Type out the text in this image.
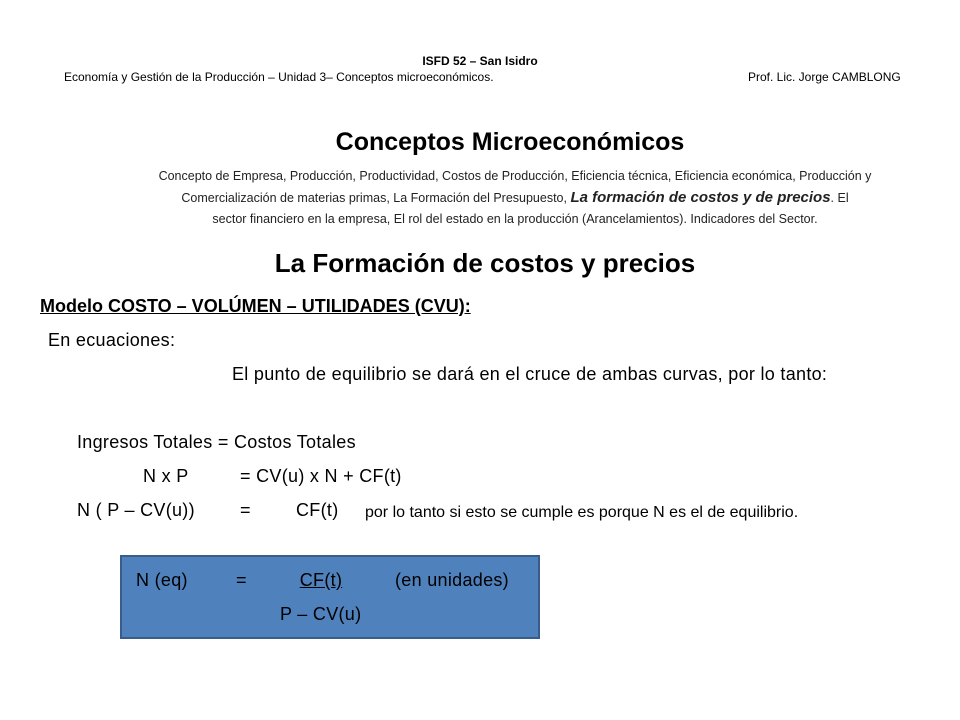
ISFD 52 – San Isidro
Economía y Gestión de la Producción – Unidad 3– Conceptos microeconómicos.	Prof. Lic. Jorge CAMBLONG
Conceptos Microeconómicos
Concepto de Empresa, Producción, Productividad, Costos de Producción, Eficiencia técnica, Eficiencia económica, Producción y
Comercialización de materias primas, La Formación del Presupuesto, La formación de costos y de precios. El
sector financiero en la empresa, El rol del estado en la producción (Arancelamientos). Indicadores del Sector.
La Formación de costos y precios
Modelo COSTO – VOLÚMEN – UTILIDADES (CVU):
En ecuaciones:
El punto de equilibrio se dará en el cruce de ambas curvas, por lo tanto:
Ingresos Totales = Costos Totales
N x P	= CV(u) x N + CF(t)
N ( P – CV(u))	=	CF(t) por lo tanto si esto se cumple es porque N es el de equilibrio.
N (eq)	=	CF(t)	(en unidades)
P – CV(u)
